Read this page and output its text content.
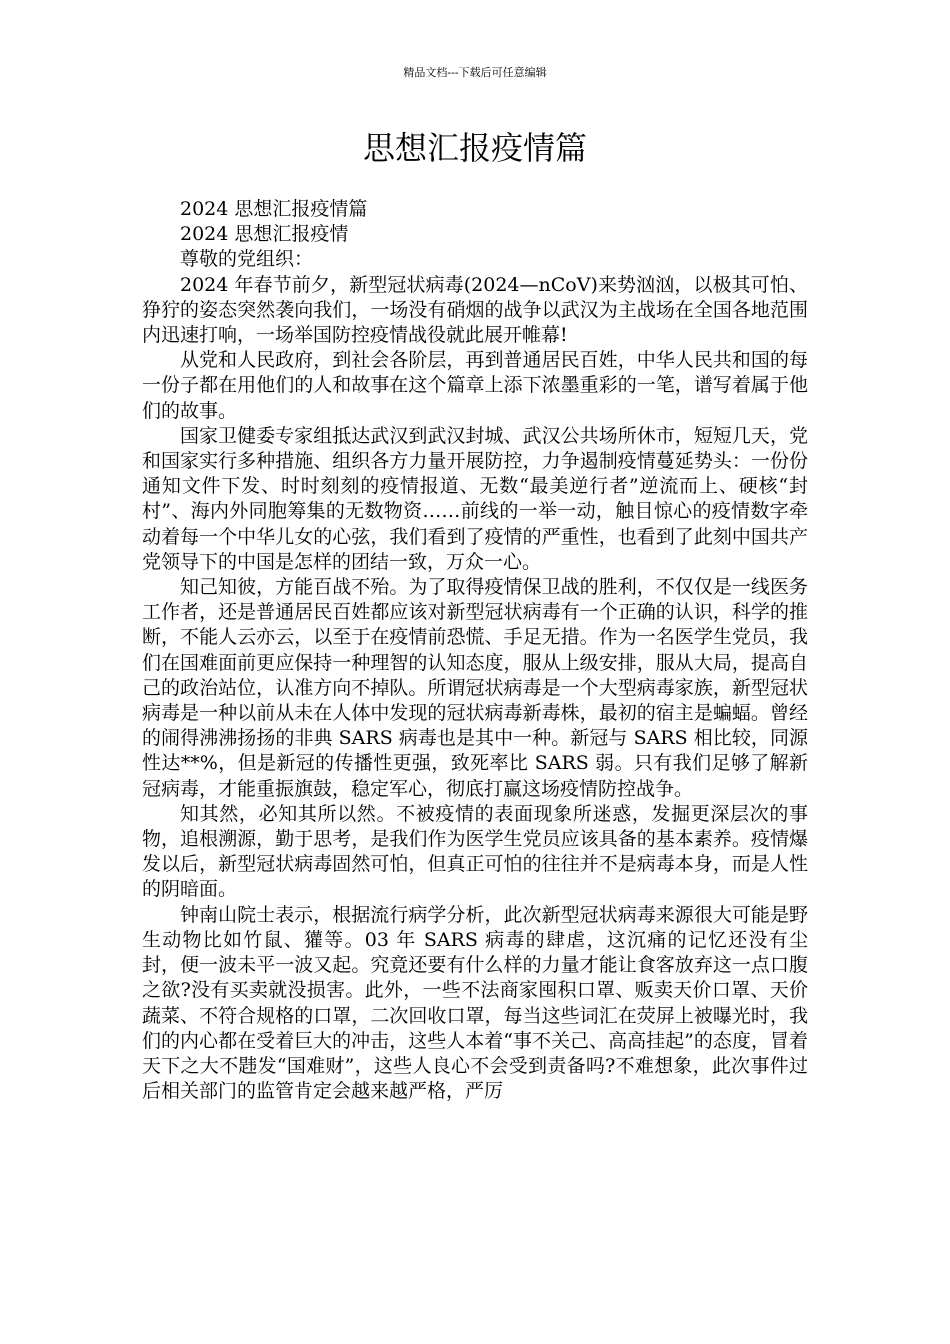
精品文档---下载后可任意编辑
思想汇报疫情篇

2024 思想汇报疫情篇

2024 思想汇报疫情

尊敬的党组织：

2024 年春节前夕，新型冠状病毒(2024—nCoV)来势汹汹，以极其可怕、狰狞的姿态突然袭向我们，一场没有硝烟的战争以武汉为主战场在全国各地范围内迅速打响，一场举国防控疫情战役就此展开帷幕!

从党和人民政府，到社会各阶层，再到普通居民百姓，中华人民共和国的每一份子都在用他们的人和故事在这个篇章上添下浓墨重彩的一笔，谱写着属于他们的故事。

国家卫健委专家组抵达武汉到武汉封城、武汉公共场所休市，短短几天，党和国家实行多种措施、组织各方力量开展防控，力争遏制疫情蔓延势头：一份份通知文件下发、时时刻刻的疫情报道、无数“最美逆行者”逆流而上、硬核“封村”、海内外同胞筹集的无数物资……前线的一举一动，触目惊心的疫情数字牵动着每一个中华儿女的心弦，我们看到了疫情的严重性，也看到了此刻中国共产党领导下的中国是怎样的团结一致，万众一心。

知己知彼，方能百战不殆。为了取得疫情保卫战的胜利，不仅仅是一线医务工作者，还是普通居民百姓都应该对新型冠状病毒有一个正确的认识，科学的推断，不能人云亦云，以至于在疫情前恐慌、手足无措。作为一名医学生党员，我们在国难面前更应保持一种理智的认知态度，服从上级安排，服从大局，提高自己的政治站位，认准方向不掉队。所谓冠状病毒是一个大型病毒家族，新型冠状病毒是一种以前从未在人体中发现的冠状病毒新毒株，最初的宿主是蝙蝠。曾经的闹得沸沸扬扬的非典 SARS 病毒也是其中一种。新冠与 SARS 相比较，同源性达**%，但是新冠的传播性更强，致死率比 SARS 弱。只有我们足够了解新冠病毒，才能重振旗鼓，稳定军心，彻底打赢这场疫情防控战争。

知其然，必知其所以然。不被疫情的表面现象所迷惑，发掘更深层次的事物，追根溯源，勤于思考，是我们作为医学生党员应该具备的基本素养。疫情爆发以后，新型冠状病毒固然可怕，但真正可怕的往往并不是病毒本身，而是人性的阴暗面。

钟南山院士表示，根据流行病学分析，此次新型冠状病毒来源很大可能是野生动物比如竹鼠、獾等。03 年 SARS 病毒的肆虐，这沉痛的记忆还没有尘封，便一波未平一波又起。究竟还要有什么样的力量才能让食客放弃这一点口腹之欲?没有买卖就没损害。此外，一些不法商家囤积口罩、贩卖天价口罩、天价蔬菜、不符合规格的口罩，二次回收口罩，每当这些词汇在荧屏上被曝光时，我们的内心都在受着巨大的冲击，这些人本着“事不关己、高高挂起”的态度，冒着天下之大不韪发“国难财”，这些人良心不会受到责备吗?不难想象，此次事件过后相关部门的监管肯定会越来越严格，严厉
